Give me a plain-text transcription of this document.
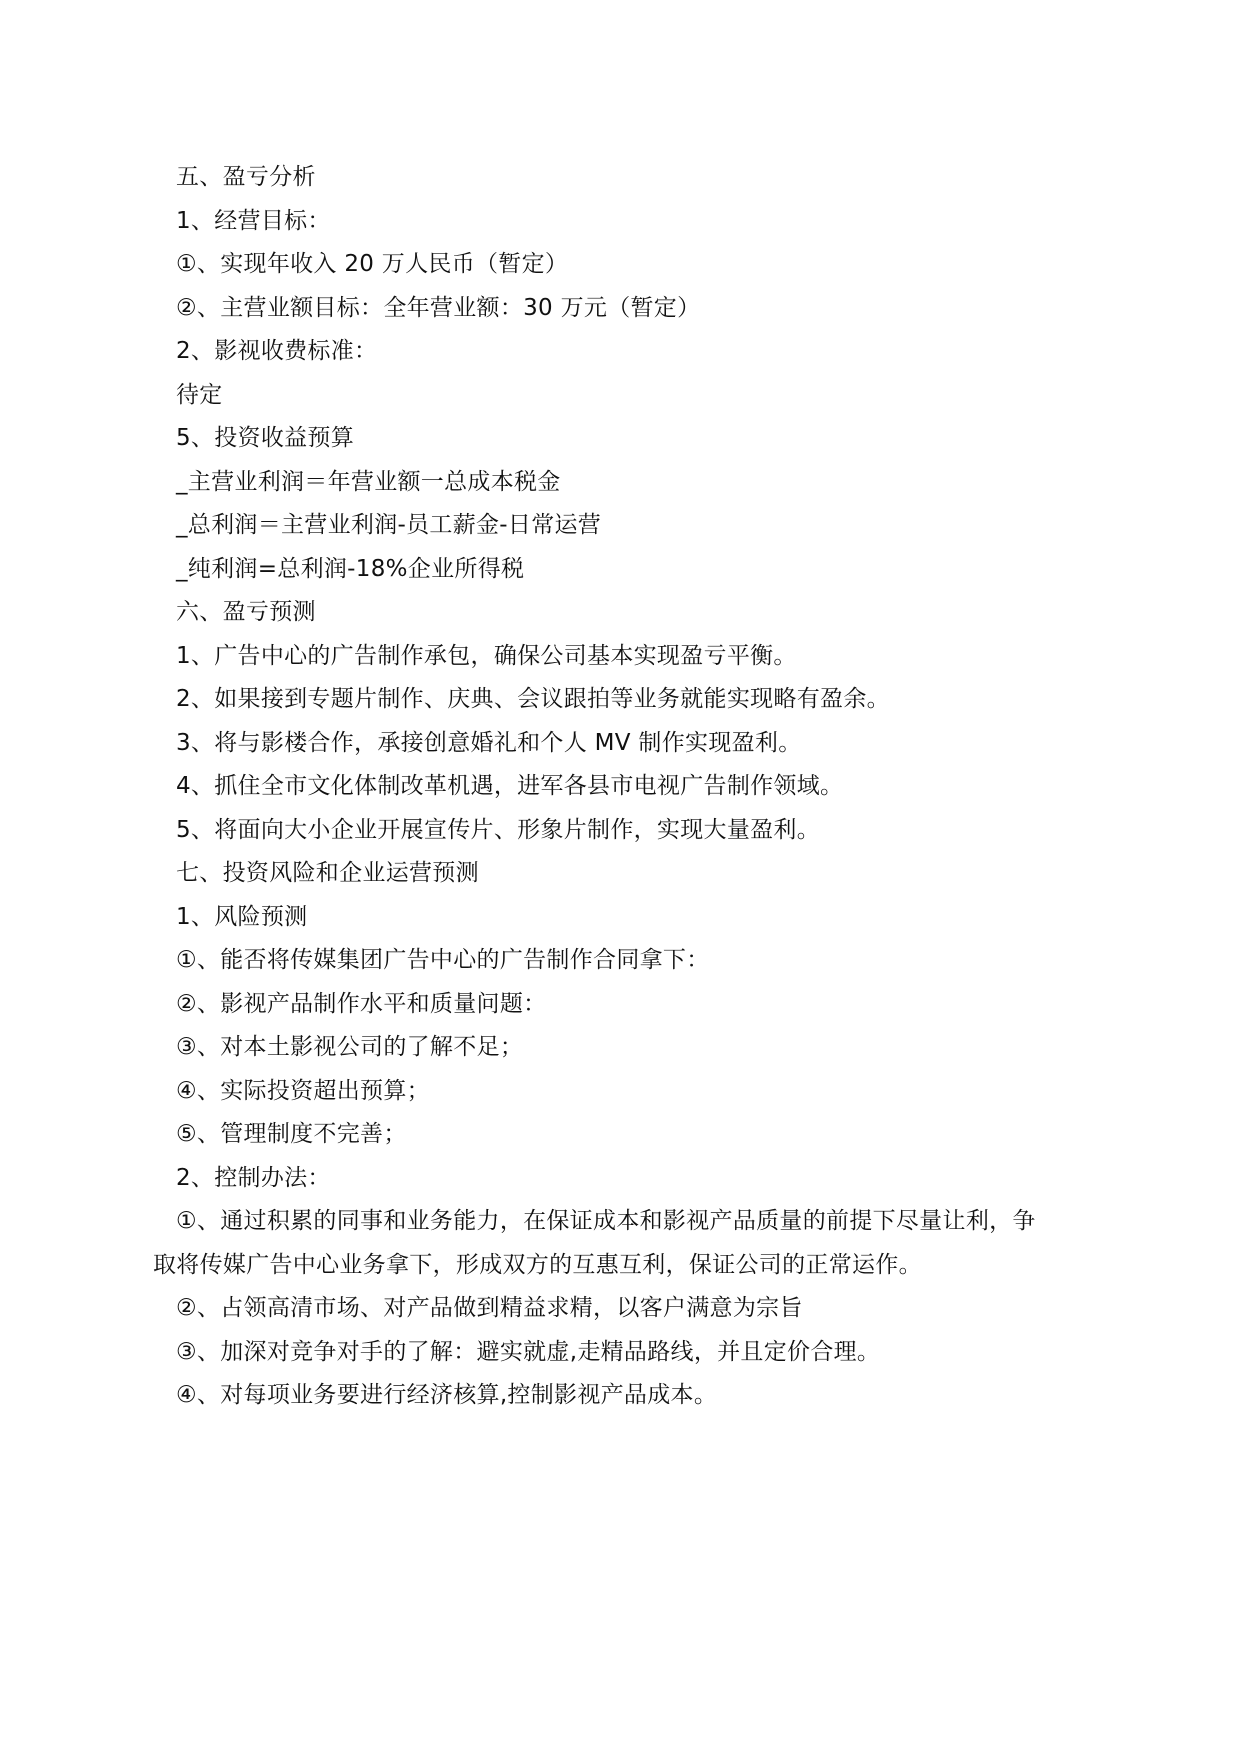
五、盈亏分析
1、经营目标：
①、实现年收入 20 万人民币（暂定）
②、主营业额目标：全年营业额：30 万元（暂定）
2、影视收费标准：
待定
5、投资收益预算
_主营业利润＝年营业额一总成本税金
_总利润＝主营业利润-员工薪金-日常运营
_纯利润=总利润-18%企业所得税
六、盈亏预测
1、广告中心的广告制作承包，确保公司基本实现盈亏平衡。
2、如果接到专题片制作、庆典、会议跟拍等业务就能实现略有盈余。
3、将与影楼合作，承接创意婚礼和个人 MV 制作实现盈利。
4、抓住全市文化体制改革机遇，进军各县市电视广告制作领域。
5、将面向大小企业开展宣传片、形象片制作，实现大量盈利。
七、投资风险和企业运营预测
1、风险预测
①、能否将传媒集团广告中心的广告制作合同拿下：
②、影视产品制作水平和质量问题：
③、对本土影视公司的了解不足；
④、实际投资超出预算；
⑤、管理制度不完善；
2、控制办法：
①、通过积累的同事和业务能力，在保证成本和影视产品质量的前提下尽量让利，争
取将传媒广告中心业务拿下，形成双方的互惠互利，保证公司的正常运作。
②、占领高清市场、对产品做到精益求精，以客户满意为宗旨
③、加深对竞争对手的了解：避实就虚,走精品路线，并且定价合理。
④、对每项业务要进行经济核算,控制影视产品成本。
